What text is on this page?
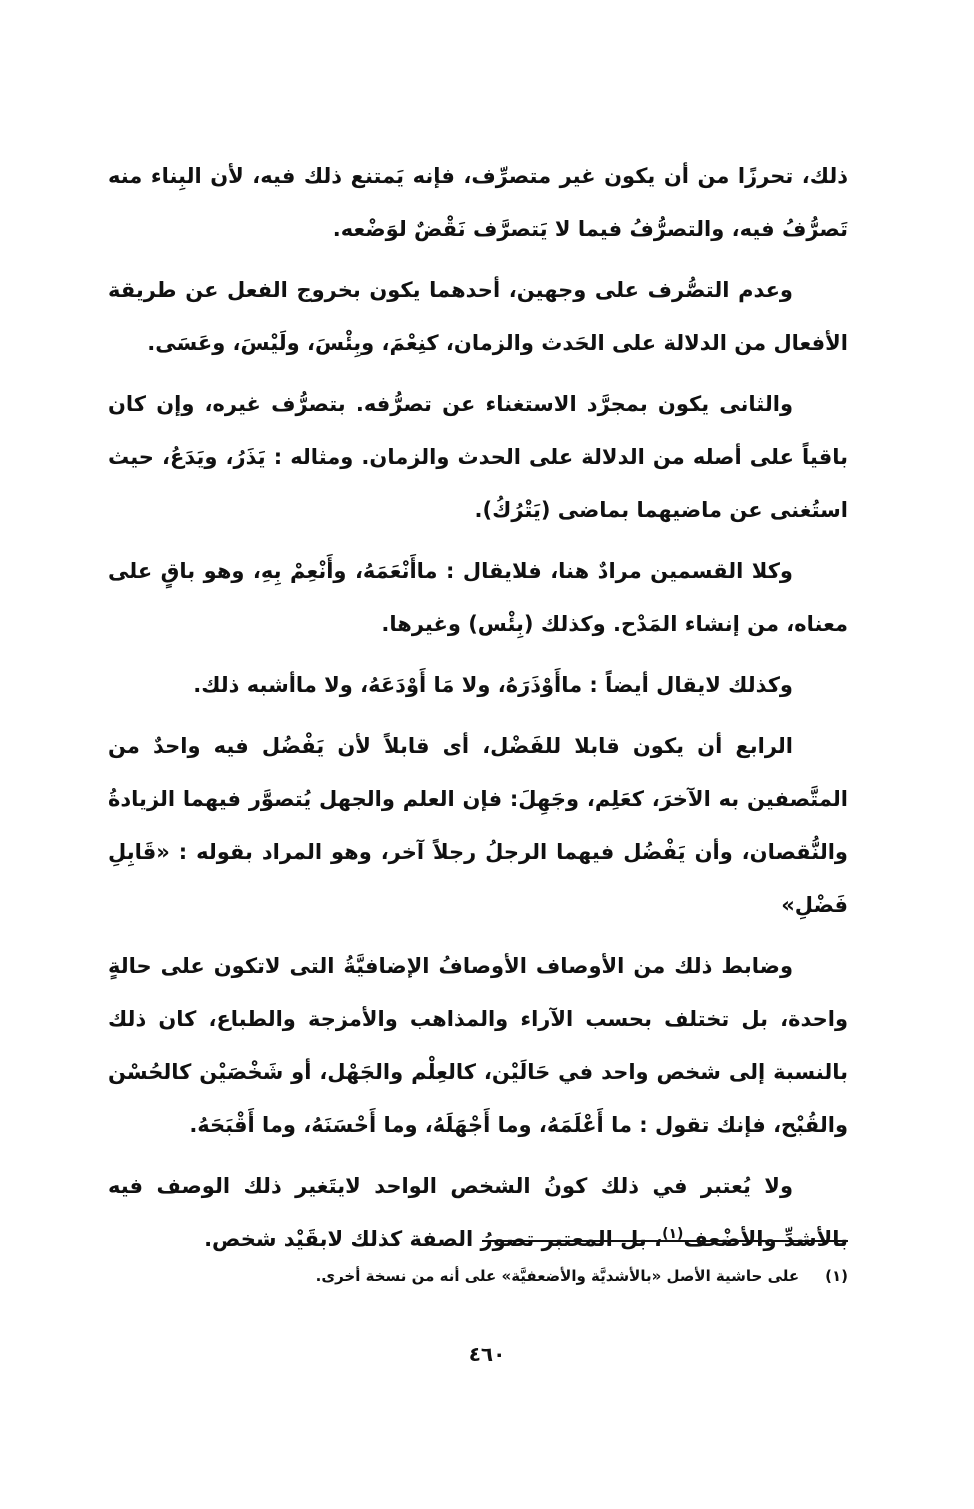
ذلك، تحرزًا من أن يكون غير متصرِّف، فإنه يَمتنع ذلك فيه، لأن البِناء منه تَصرُّفُ فيه، والتصرُّفُ فيما لا يَتصرَّف نَقْضٌ لوَضْعه.

وعدم التصُّرف على وجهين، أحدهما يكون بخروج الفعل عن طريقة الأفعال من الدلالة على الحَدث والزمان، كنِعْمَ، وبِئْسَ، ولَيْسَ، وعَسَى.

والثانى يكون بمجرَّد الاستغناء عن تصرُّفه. بتصرُّف غيره، وإن كان باقياً على أصله من الدلالة على الحدث والزمان. ومثاله : يَذَرُ، ويَدَعُ، حيث استُغنى عن ماضيهما بماضى (يَتْرُكُ).

وكلا القسمين مرادٌ هنا، فلايقال : ماأَنْعَمَهُ، وأَنْعِمْ بِهِ، وهو باقٍ على معناه، من إنشاء المَدْح. وكذلك (بِئْس) وغيرها.

وكذلك لايقال أيضاً : ماأَوْذَرَهُ، ولا مَا أَوْدَعَهُ، ولا ماأشبه ذلك.

الرابع أن يكون قابلا للفَضْل، أى قابلاً لأن يَفْضُل فيه واحدٌ من المتَّصفين به الآخرَ، كعَلِم، وجَهِلَ: فإن العلم والجهل يُتصوَّر فيهما الزيادةُ والنُّقصان، وأن يَفْضُل فيهما الرجلُ رجلاً آخر، وهو المراد بقوله : «قَابِلِ فَضْلِ»

وضابط ذلك من الأوصاف الأوصافُ الإضافيَّةُ التى لاتكون على حالةٍ واحدة، بل تختلف بحسب الآراء والمذاهب والأمزجة والطباع، كان ذلك بالنسبة إلى شخص واحد في حَالَيْن، كالعِلْم والجَهْل، أو شَخْصَيْن كالحُسْن والقُبْح، فإنك تقول : ما أَعْلَمَهُ، وما أَجْهَلَهُ، وما أَحْسَنَهُ، وما أَقْبَحَهُ.

ولا يُعتبر في ذلك كونُ الشخص الواحد لايتَغير ذلك الوصف فيه بالأشدِّ والأضْعف$^{(١)}$، بل المعتبر تصورُ الصفة كذلك لابقَيْد شخص.

(١)على حاشية الأصل «بالأشديَّة والأضعفيَّة» على أنه من نسخة أخرى.
٤٦٠
